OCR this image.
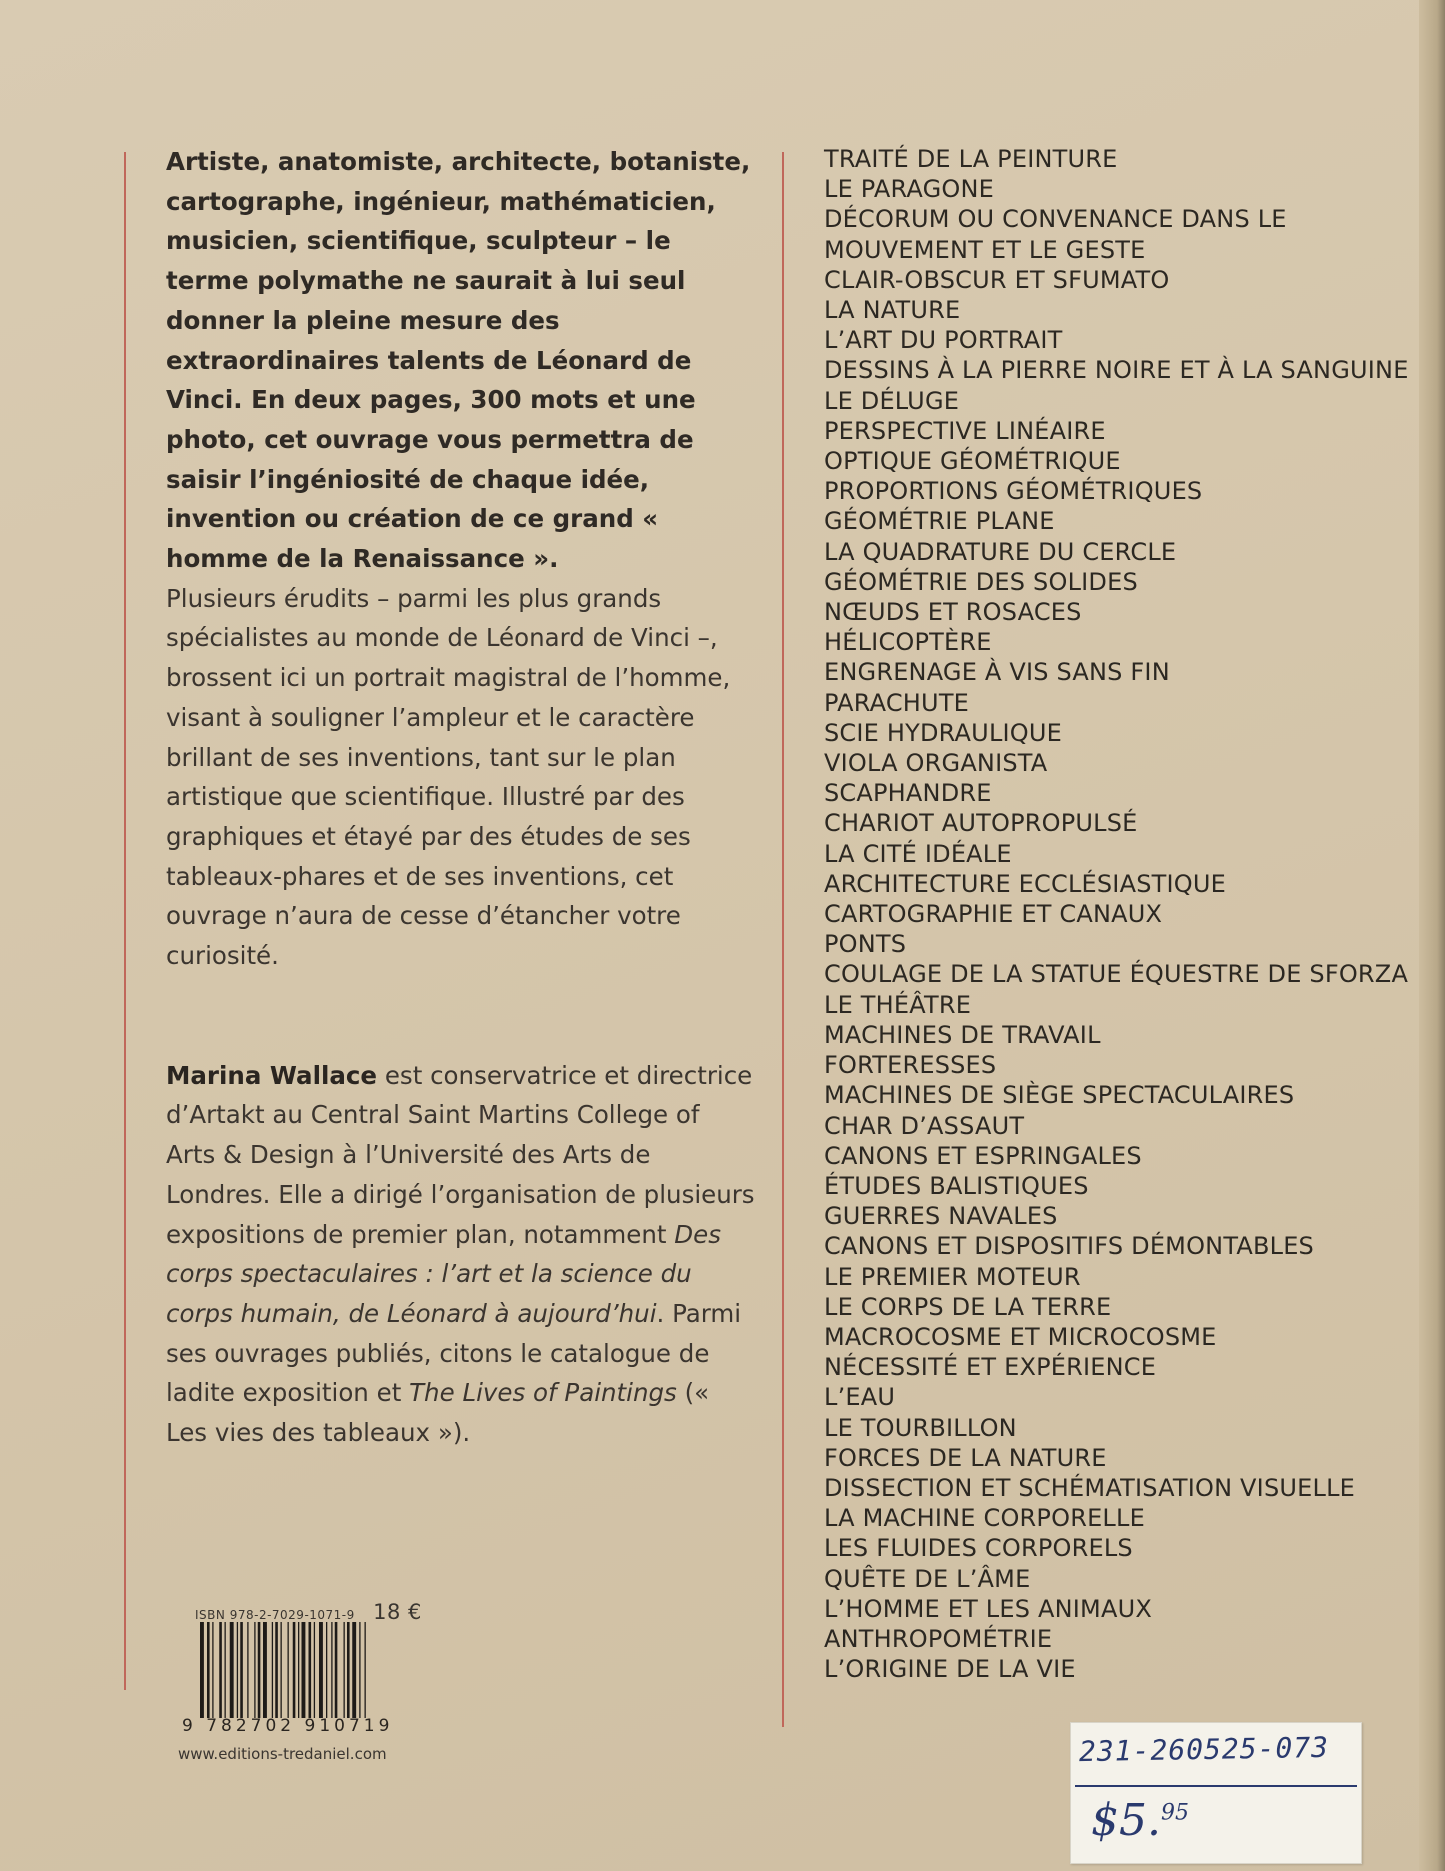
Artiste, anatomiste, architecte, botaniste, cartographe, ingénieur, mathématicien, musicien, scientifique, sculpteur – le terme polymathe ne saurait à lui seul donner la pleine mesure des extraordinaires talents de Léonard de Vinci. En deux pages, 300 mots et une photo, cet ouvrage vous permettra de saisir l’ingéniosité de chaque idée, invention ou création de ce grand « homme de la Renaissance ».

Plusieurs érudits – parmi les plus grands spécialistes au monde de Léonard de Vinci –, brossent ici un portrait magistral de l’homme, visant à souligner l’ampleur et le caractère brillant de ses inventions, tant sur le plan artistique que scientifique. Illustré par des graphiques et étayé par des études de ses tableaux-phares et de ses inventions, cet ouvrage n’aura de cesse d’étancher votre curiosité.

Marina Wallace est conservatrice et directrice d’Artakt au Central Saint Martins College of Arts & Design à l’Université des Arts de Londres. Elle a dirigé l’organisation de plusieurs expositions de premier plan, notamment Des corps spectaculaires : l’art et la science du corps humain, de Léonard à aujourd’hui. Parmi ses ouvrages publiés, citons le catalogue de ladite exposition et The Lives of Paintings (« Les vies des tableaux »).

TRAITÉ DE LA PEINTURE
LE PARAGONE
DÉCORUM OU CONVENANCE DANS LE MOUVEMENT ET LE GESTE
CLAIR-OBSCUR ET SFUMATO
LA NATURE
L’ART DU PORTRAIT
DESSINS À LA PIERRE NOIRE ET À LA SANGUINE
LE DÉLUGE
PERSPECTIVE LINÉAIRE
OPTIQUE GÉOMÉTRIQUE
PROPORTIONS GÉOMÉTRIQUES
GÉOMÉTRIE PLANE
LA QUADRATURE DU CERCLE
GÉOMÉTRIE DES SOLIDES
NŒUDS ET ROSACES
HÉLICOPTÈRE
ENGRENAGE À VIS SANS FIN
PARACHUTE
SCIE HYDRAULIQUE
VIOLA ORGANISTA
SCAPHANDRE
CHARIOT AUTOPROPULSÉ
LA CITÉ IDÉALE
ARCHITECTURE ECCLÉSIASTIQUE
CARTOGRAPHIE ET CANAUX
PONTS
COULAGE DE LA STATUE ÉQUESTRE DE SFORZA
LE THÉÂTRE
MACHINES DE TRAVAIL
FORTERESSES
MACHINES DE SIÈGE SPECTACULAIRES
CHAR D’ASSAUT
CANONS ET ESPRINGALES
ÉTUDES BALISTIQUES
GUERRES NAVALES
CANONS ET DISPOSITIFS DÉMONTABLES
LE PREMIER MOTEUR
LE CORPS DE LA TERRE
MACROCOSME ET MICROCOSME
NÉCESSITÉ ET EXPÉRIENCE
L’EAU
LE TOURBILLON
FORCES DE LA NATURE
DISSECTION ET SCHÉMATISATION VISUELLE
LA MACHINE CORPORELLE
LES FLUIDES CORPORELS
QUÊTE DE L’ÂME
L’HOMME ET LES ANIMAUX
ANTHROPOMÉTRIE
L’ORIGINE DE LA VIE
ISBN 978-2-7029-1071-9 18 €
9 782702 910719
www.editions-tredaniel.com	231-260525-073
$5.95
